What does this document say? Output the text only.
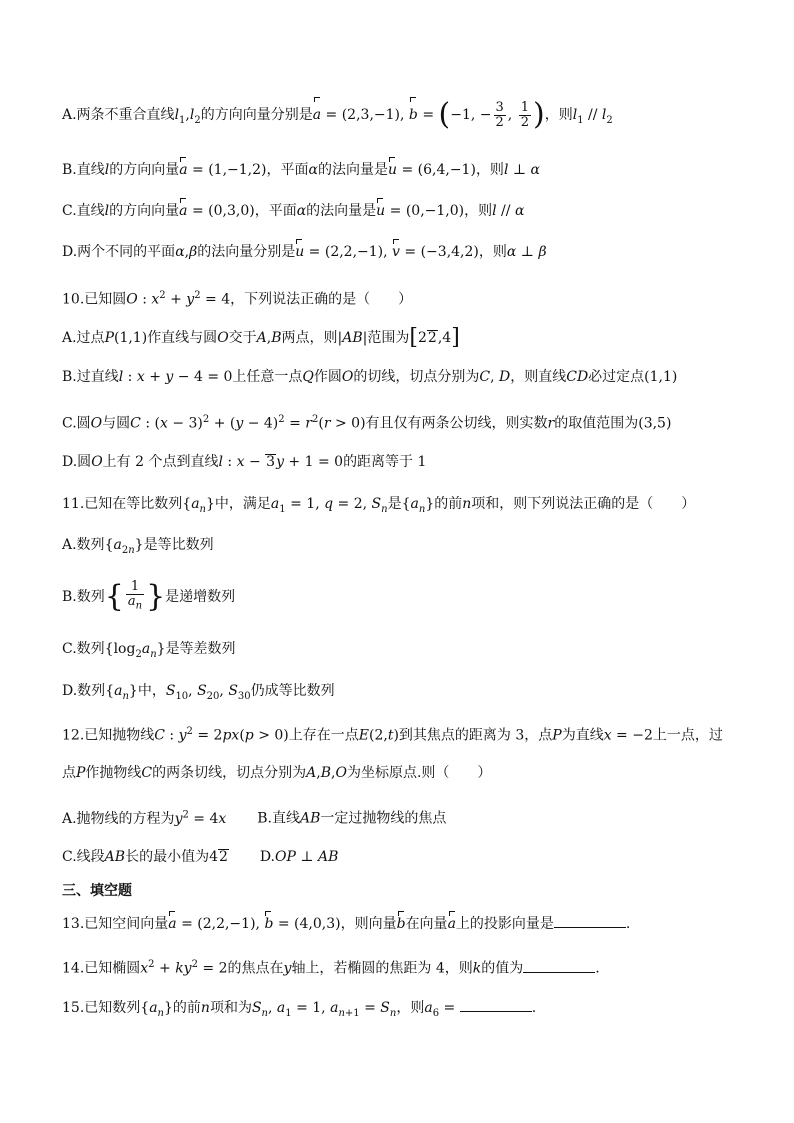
A.两条不重合直线$l_1,l_2$的方向向量分别是a = (2,3,−1), b = (−1, − $\frac{3}{2}$ , $\frac{1}{2}$ )，则$l_1 // l_2$
B.直线l的方向向量a = (1,−1,2)，平面α的法向量是u = (6,4,−1)，则l ⊥ α
C.直线l的方向向量a = (0,3,0)，平面α的法向量是u = (0,−1,0)，则l // α
D.两个不同的平面α,β的法向量分别是u = (2,2,−1), v = (−3,4,2)，则α ⊥ β
10.已知圆O : $x^2 + y^2 = 4$，下列说法正确的是（　　）
A.过点P(1,1)作直线与圆O交于A,B两点，则|AB|范围为[22,4]
B.过直线l : x + y − 4 = 0上任意一点Q作圆O的切线，切点分别为C, D，则直线CD必过定点(1,1)
C.圆O与圆C : $(x - 3)^2 + (y - 4)^2 = r^2(r > 0)$有且仅有两条公切线，则实数r的取值范围为(3,5)
D.圆O上有 2 个点到直线l : x − 3y + 1 = 0的距离等于 1
11.已知在等比数列$\{a_n\}$中，满足$a_1 = 1$, q = 2, $S_n$是$\{a_n\}$的前n项和，则下列说法正确的是（　　）
A.数列$\{a_{2n}\}$是等比数列
B.数列{ $\frac{1}{a_n}$ }是递增数列
C.数列$\{\log_2a_n\}$是等差数列
D.数列$\{a_n\}$中，$S_{10}$, $S_{20}$, $S_{30}$仍成等比数列
12.已知抛物线C : $y^2 = 2px(p > 0)$上存在一点E(2,t)到其焦点的距离为 3，点P为直线x = −2上一点，过
点P作抛物线C的两条切线，切点分别为A,B,O为坐标原点.则（　　）
A.抛物线的方程为$y^2 = 4x$ B.直线AB一定过抛物线的焦点
C.线段AB长的最小值为42 D.OP ⊥ AB
三、填空题
13.已知空间向量a = (2,2,−1), b = (4,0,3)，则向量b在向量a上的投影向量是	.
14.已知椭圆$x^2 + ky^2 = 2$的焦点在y轴上，若椭圆的焦距为 4，则k的值为	.
15.已知数列$\{a_n\}$的前n项和为$S_n$, $a_1 = 1$, $a_{n+1} = S_n$，则$a_6$ =	.
